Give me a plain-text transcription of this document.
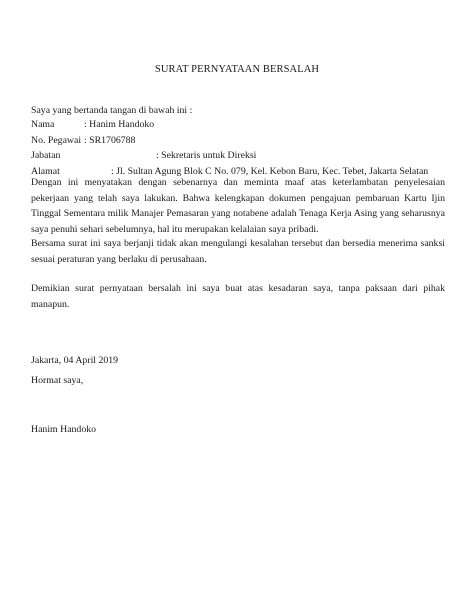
SURAT PERNYATAAN BERSALAH
Saya yang bertanda tangan di bawah ini :
Nama	: Hanim Handoko
No. Pegawai : SR1706788
Jabatan	: Sekretaris untuk Direksi
Alamat	: Jl. Sultan Agung Blok C No. 079, Kel. Kebon Baru, Kec. Tebet, Jakarta Selatan
Dengan ini menyatakan dengan sebenarnya dan meminta maaf atas keterlambatan penyelesaian pekerjaan yang telah saya lakukan. Bahwa kelengkapan dokumen pengajuan pembaruan Kartu Ijin Tinggal Sementara milik Manajer Pemasaran yang notabene adalah Tenaga Kerja Asing yang seharusnya saya penuhi sehari sebelumnya, hal itu merupakan kelalaian saya pribadi.
Bersama surat ini saya berjanji tidak akan mengulangi kesalahan tersebut dan bersedia menerima sanksi sesuai peraturan yang berlaku di perusahaan.
Demikian surat pernyataan bersalah ini saya buat atas kesadaran saya, tanpa paksaan dari pihak manapun.
Jakarta, 04 April 2019
Hormat saya,
Hanim Handoko
